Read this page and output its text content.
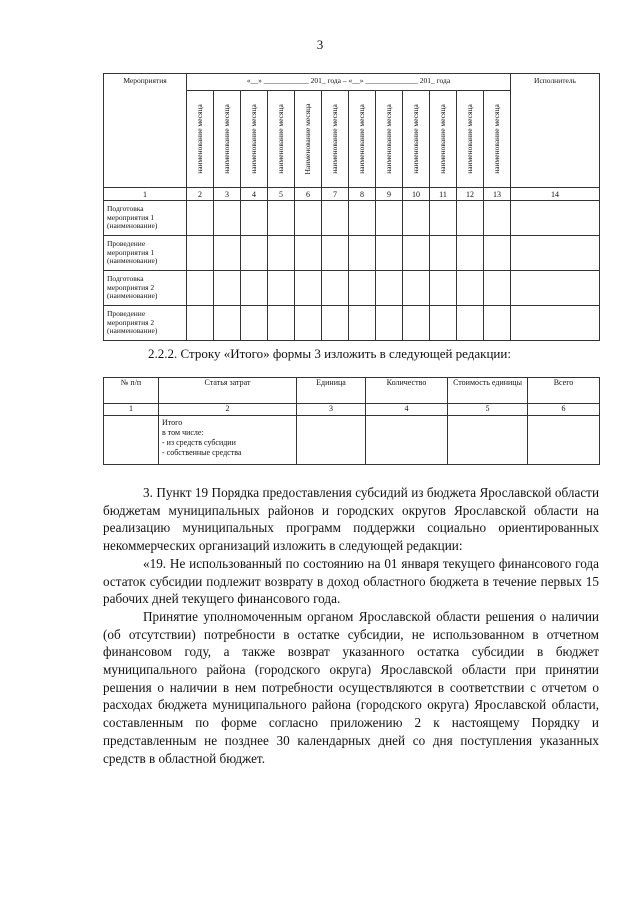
3
Мероприятия	«__» ____________ 201_ года – «__» ______________ 201_ года												Исполнитель

	наименование месяца	наименование месяца	наименование месяца	наименование месяца	Наименование месяца	наименование месяца	наименование месяца	наименование месяца	наименование месяца	наименование месяца	наименование месяца	наименование месяца	

1	2	3	4	5	6	7	8	9	10	11	12	13	14
Подготовка мероприятия 1 (наименование)													
Проведение мероприятия 1 (наименование)													
Подготовка мероприятия 2 (наименование)													
Проведение мероприятия 2 (наименование)													
2.2.2. Строку «Итого» формы 3 изложить в следующей редакции:
№ п/п	Статья затрат	Единица	Количество	Стоимость единицы	Всего
1	2	3	4	5	6

	Итого
в том числе:
- из средств субсидии
- собственные средства				

3. Пункт 19 Порядка предоставления субсидий из бюджета Ярославской области бюджетам муниципальных районов и городских округов Ярославской области на реализацию муниципальных программ поддержки социально ориентированных некоммерческих организаций изложить в следующей редакции:

«19. Не использованный по состоянию на 01 января текущего финансового года остаток субсидии подлежит возврату в доход областного бюджета в течение первых 15 рабочих дней текущего финансового года.

Принятие уполномоченным органом Ярославской области решения о наличии (об отсутствии) потребности в остатке субсидии, не использованном в отчетном финансовом году, а также возврат указанного остатка субсидии в бюджет муниципального района (городского округа) Ярославской области при принятии решения о наличии в нем потребности осуществляются в соответствии с отчетом о расходах бюджета муниципального района (городского округа) Ярославской области, составленным по форме согласно приложению 2 к настоящему Порядку и представленным не позднее 30 календарных дней со дня поступления указанных средств в областной бюджет.
